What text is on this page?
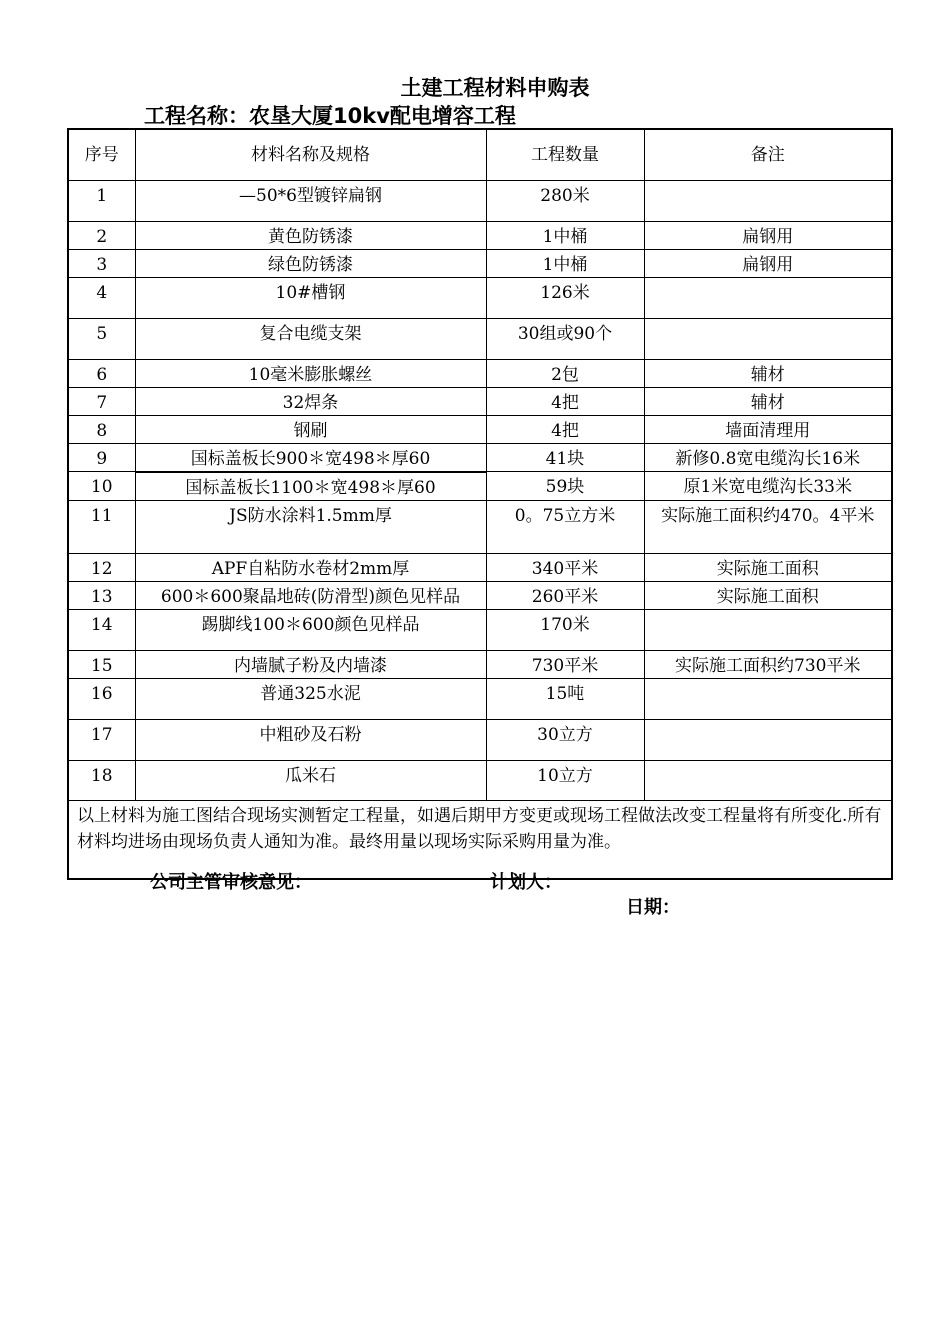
土建工程材料申购表
工程名称：农垦大厦10kv配电增容工程
序号	材料名称及规格	工程数量	备注
1	—50*6型镀锌扁钢	280米	
2	黄色防锈漆	1中桶	扁钢用
3	绿色防锈漆	1中桶	扁钢用
4	10#槽钢	126米	
5	复合电缆支架	30组或90个	
6	10毫米膨胀螺丝	2包	辅材
7	32焊条	4把	辅材
8	钢刷	4把	墙面清理用
9	国标盖板长900＊宽498＊厚60	41块	新修0.8宽电缆沟长16米
10	国标盖板长1100＊宽498＊厚60	59块	原1米宽电缆沟长33米
11	JS防水涂料1.5mm厚	0。75立方米	实际施工面积约470。4平米
12	APF自粘防水卷材2mm厚	340平米	实际施工面积
13	600＊600聚晶地砖(防滑型)颜色见样品	260平米	实际施工面积
14	踢脚线100＊600颜色见样品	170米	
15	内墙腻子粉及内墙漆	730平米	实际施工面积约730平米
16	普通325水泥	15吨	
17	中粗砂及石粉	30立方	
18	瓜米石	10立方	
以上材料为施工图结合现场实测暂定工程量，如遇后期甲方变更或现场工程做法改变工程量将有所变化.所有材料均进场由现场负责人通知为准。最终用量以现场实际采购用量为准。			
公司主管审核意见：	计划人：
日期：
